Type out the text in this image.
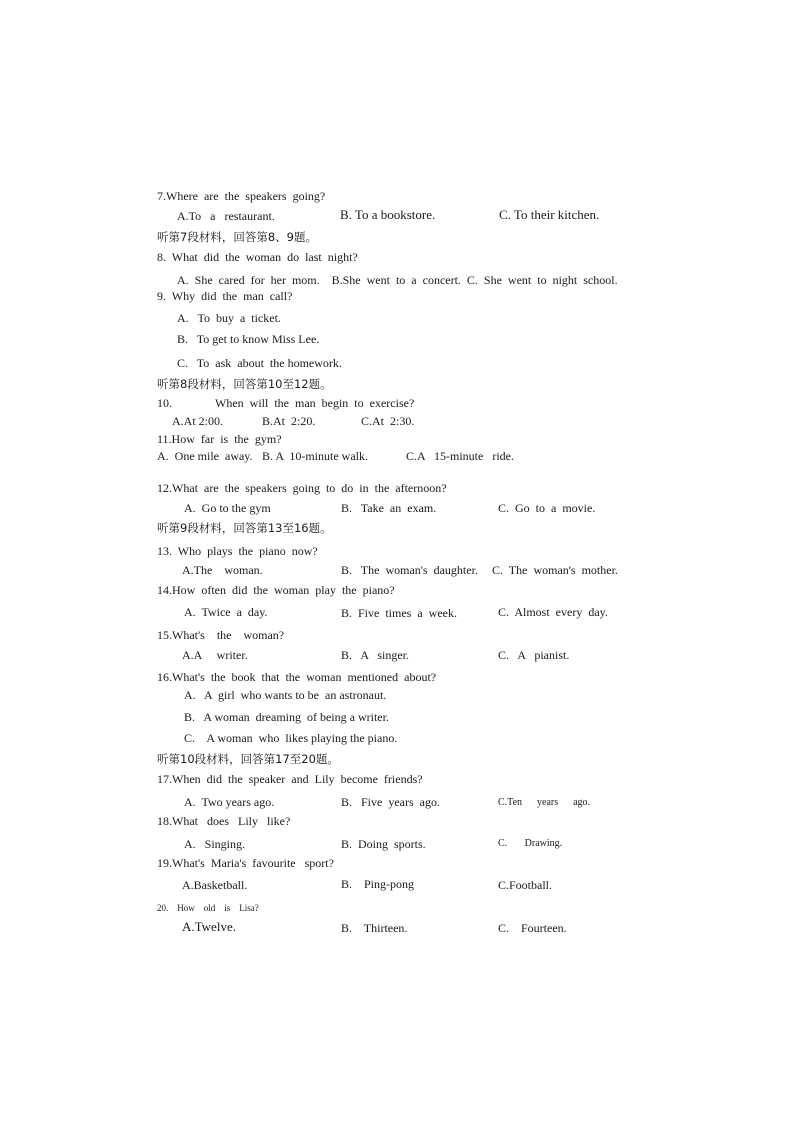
7.Where  are  the  speakers  going?
A.To   a   restaurant.	B. To a bookstore.	C. To their kitchen.
听第7段材料，回答第8、9题。
8.  What  did  the  woman  do  last  night?
A.  She  cared  for  her  mom.    B.She  went  to  a  concert.  C.  She  went  to  night  school.
9.  Why  did  the  man  call?
A.   To  buy  a  ticket.
B.   To get to know Miss Lee.
C.   To  ask  about  the homework.
听第8段材料，回答第10至12题。
10.	When  will  the  man  begin  to  exercise?
A.At 2:00.	B.At  2:20.	C.At  2:30.
11.How  far  is  the  gym?
A.  One mile  away. B. A  10-minute walk.	C.A   15-minute   ride.
12.What  are  the  speakers  going  to  do  in  the  afternoon?
A.  Go to the gym	B.   Take  an  exam.	C.  Go  to  a  movie.
听第9段材料，回答第13至16题。
13.  Who  plays  the  piano  now?
A.The    woman.	B.   The  woman's  daughter. C.  The  woman's  mother.
14.How  often  did  the  woman  play  the  piano?
A.  Twice  a  day.	B.  Five  times  a  week.	C.  Almost  every  day.
15.What's    the    woman?
A.A     writer.	B.   A   singer.	C.   A   pianist.
16.What's  the  book  that  the  woman  mentioned  about?
A.   A  girl  who wants to be  an astronaut.
B.   A woman  dreaming  of being a writer.
C.    A woman  who  likes playing the piano.
听第10段材料，回答第17至20题。
17.When  did  the  speaker  and  Lily  become  friends?
A.  Two years ago.	B.   Five  years  ago.	C.Ten      years      ago.
18.What   does   Lily   like?
A.   Singing.	B.  Doing  sports.	C.       Drawing.
19.What's  Maria's  favourite   sport?
A.Basketball.	B.    Ping-pong	C.Football.
20.    How    old    is    Lisa?
A.Twelve.	B.    Thirteen.	C.    Fourteen.
